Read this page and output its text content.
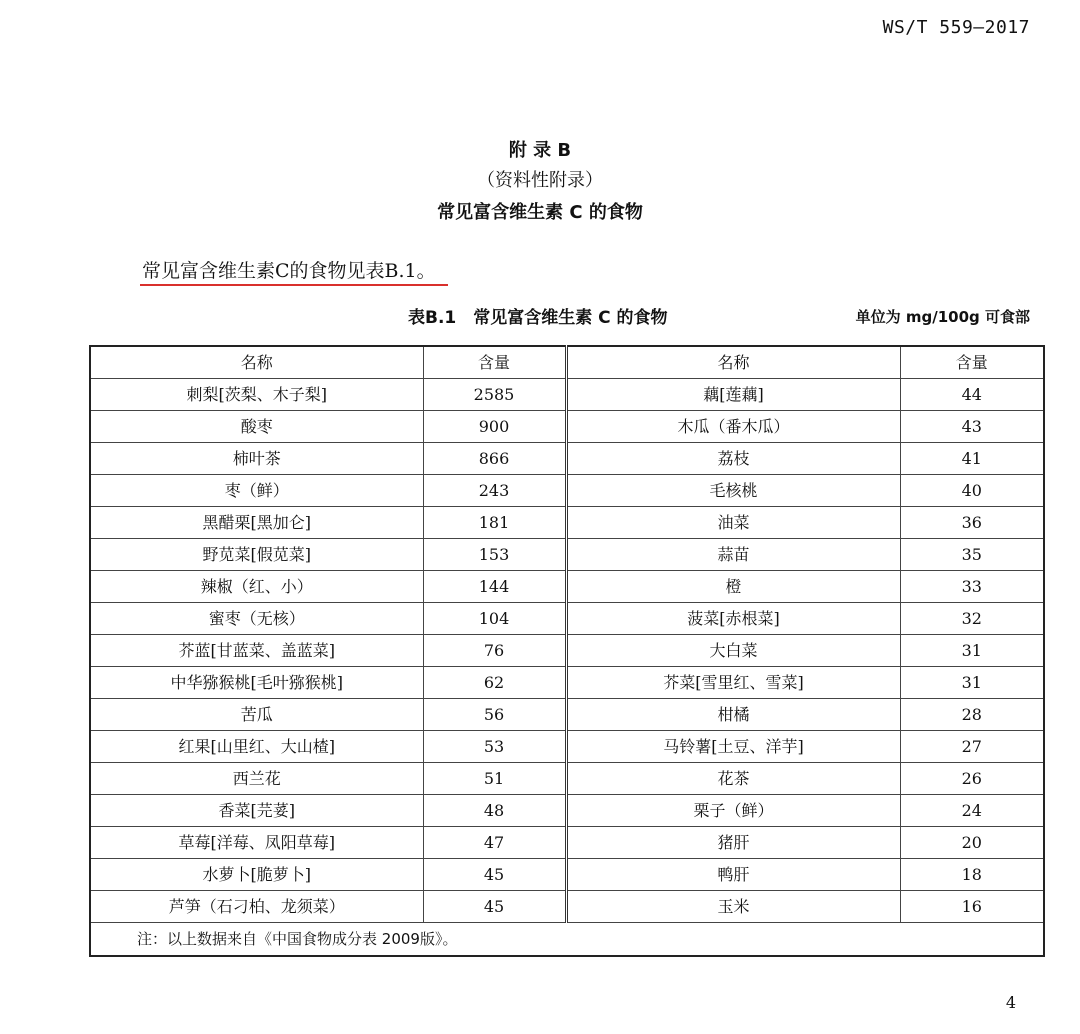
WS/T 559—2017
附 录 B
（资料性附录）
常见富含维生素 C 的食物
常见富含维生素C的食物见表B.1。
表B.1　常见富含维生素 C 的食物	单位为 mg/100g 可食部
名称	含量	名称	含量
刺梨[茨梨、木子梨]	2585	藕[莲藕]	44
酸枣	900	木瓜（番木瓜）	43
柿叶茶	866	荔枝	41
枣（鲜）	243	毛核桃	40
黑醋栗[黑加仑]	181	油菜	36
野苋菜[假苋菜]	153	蒜苗	35
辣椒（红、小）	144	橙	33
蜜枣（无核）	104	菠菜[赤根菜]	32
芥蓝[甘蓝菜、盖蓝菜]	76	大白菜	31
中华猕猴桃[毛叶猕猴桃]	62	芥菜[雪里红、雪菜]	31
苦瓜	56	柑橘	28
红果[山里红、大山楂]	53	马铃薯[土豆、洋芋]	27
西兰花	51	花茶	26
香菜[芫荽]	48	栗子（鲜）	24
草莓[洋莓、凤阳草莓]	47	猪肝	20
水萝卜[脆萝卜]	45	鸭肝	18
芦笋（石刁柏、龙须菜）	45	玉米	16
注：以上数据来自《中国食物成分表 2009版》。			
4
